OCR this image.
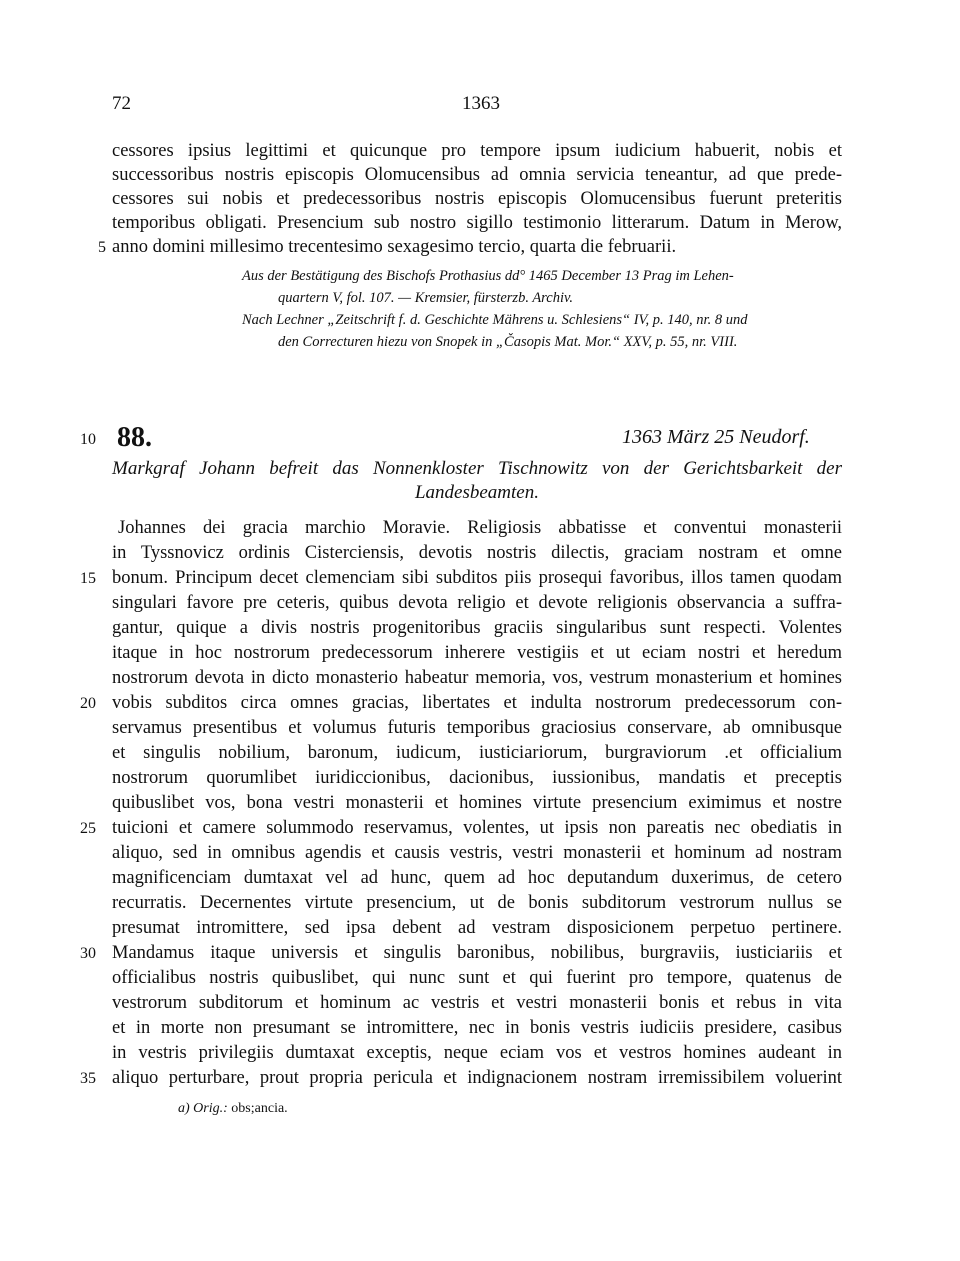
72	1363
cessores ipsius legittimi et quicunque pro tempore ipsum iudicium habuerit, nobis et
successoribus nostris episcopis Olomucensibus ad omnia servicia teneantur, ad que prede-
cessores sui nobis et predecessoribus nostris episcopis Olomucensibus fuerunt preteritis
temporibus obligati. Presencium sub nostro sigillo testimonio litterarum. Datum in Merow,
anno domini millesimo trecentesimo sexagesimo tercio, quarta die februarii.
5
Aus der Bestätigung des Bischofs Prothasius dd° 1465 December 13 Prag im Lehen-
quartern V, fol. 107. — Kremsier, fürsterzb. Archiv.
Nach Lechner „Zeitschrift f. d. Geschichte Mährens u. Schlesiens“ IV, p. 140, nr. 8 und
den Correcturen hiezu von Snopek in „Časopis Mat. Mor.“ XXV, p. 55, nr. VIII.
10 88.	1363 März 25 Neudorf.
Markgraf Johann befreit das Nonnenkloster Tischnowitz von der Gerichtsbarkeit der
Landesbeamten.
Johannes dei gracia marchio Moravie. Religiosis abbatisse et conventui monasterii
in Tyssnovicz ordinis Cisterciensis, devotis nostris dilectis, graciam nostram et omne
bonum. Principum decet clemenciam sibi subditos piis prosequi favoribus, illos tamen quodam
singulari favore pre ceteris, quibus devota religio et devote religionis observancia a suffra-
gantur, quique a divis nostris progenitoribus graciis singularibus sunt respecti. Volentes
itaque in hoc nostrorum predecessorum inherere vestigiis et ut eciam nostri et heredum
nostrorum devota in dicto monasterio habeatur memoria, vos, vestrum monasterium et homines
vobis subditos circa omnes gracias, libertates et indulta nostrorum predecessorum con-
servamus presentibus et volumus futuris temporibus graciosius conservare, ab omnibusque
et singulis nobilium, baronum, iudicum, iusticiariorum, burgraviorum .et officialium
nostrorum quorumlibet iuridiccionibus, dacionibus, iussionibus, mandatis et preceptis
quibuslibet vos, bona vestri monasterii et homines virtute presencium eximimus et nostre
tuicioni et camere solummodo reservamus, volentes, ut ipsis non pareatis nec obediatis in
aliquo, sed in omnibus agendis et causis vestris, vestri monasterii et hominum ad nostram
magnificenciam dumtaxat vel ad hunc, quem ad hoc deputandum duxerimus, de cetero
recurratis. Decernentes virtute presencium, ut de bonis subditorum vestrorum nullus se
presumat intromittere, sed ipsa debent ad vestram disposicionem perpetuo pertinere.
Mandamus itaque universis et singulis baronibus, nobilibus, burgraviis, iusticiariis et
officialibus nostris quibuslibet, qui nunc sunt et qui fuerint pro tempore, quatenus de
vestrorum subditorum et hominum ac vestris et vestri monasterii bonis et rebus in vita
et in morte non presumant se intromittere, nec in bonis vestris iudiciis presidere, casibus
in vestris privilegiis dumtaxat exceptis, neque eciam vos et vestros homines audeant in
aliquo perturbare, prout propria pericula et indignacionem nostram irremissibilem voluerint
15
20
25
30
35
a) Orig.: obs;ancia.
